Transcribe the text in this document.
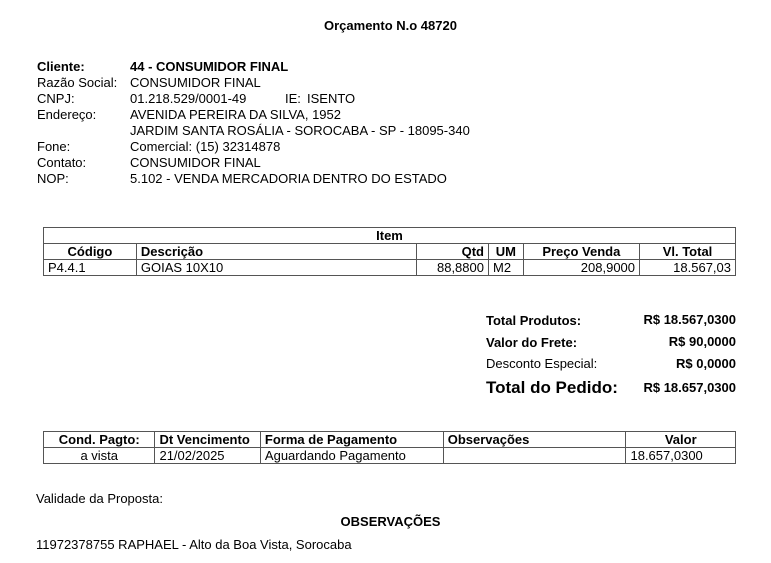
Orçamento N.o 48720
Cliente:	44 - CONSUMIDOR FINAL
Razão Social: CONSUMIDOR FINAL
CNPJ:	01.218.529/0001-49	IE: ISENTO
Endereço:	AVENIDA PEREIRA DA SILVA, 1952
JARDIM SANTA ROSÁLIA - SOROCABA - SP - 18095-340
Fone:	Comercial: (15) 32314878
Contato:	CONSUMIDOR FINAL
NOP:	5.102 - VENDA MERCADORIA DENTRO DO ESTADO
Item					
Código	Descrição	Qtd	UM	Preço Venda	Vl. Total
P4.4.1	GOIAS 10X10	88,8800	M2	208,9000	18.567,03
Total Produtos:	R$ 18.567,0300
Valor do Frete:	R$ 90,0000
Desconto Especial:	R$ 0,0000
Total do Pedido: R$ 18.657,0300
Cond. Pagto:	Dt Vencimento	Forma de Pagamento	Observações	Valor
a vista	21/02/2025	Aguardando Pagamento		18.657,0300
Validade da Proposta:
OBSERVAÇÕES
11972378755 RAPHAEL - Alto da Boa Vista, Sorocaba
